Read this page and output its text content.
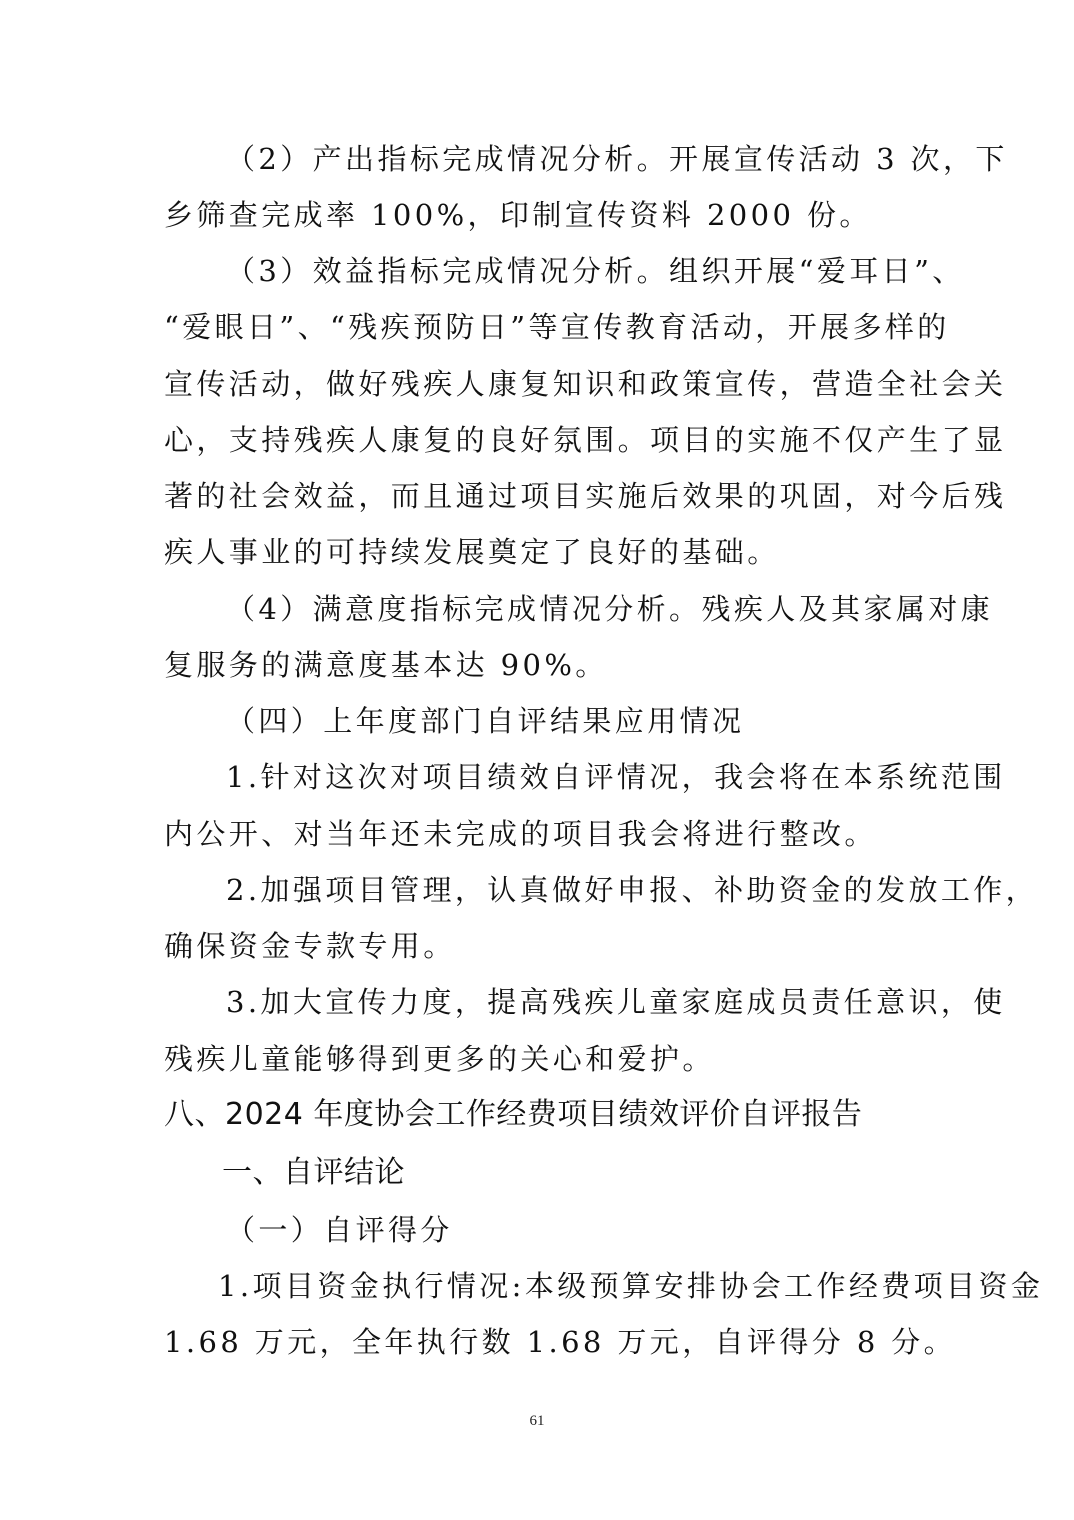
（2）产出指标完成情况分析。开展宣传活动 3 次，下
乡筛查完成率 100%，印制宣传资料 2000 份。
（3）效益指标完成情况分析。组织开展“爱耳日”、
“爱眼日”、“残疾预防日”等宣传教育活动，开展多样的
宣传活动，做好残疾人康复知识和政策宣传，营造全社会关
心，支持残疾人康复的良好氛围。项目的实施不仅产生了显
著的社会效益，而且通过项目实施后效果的巩固，对今后残
疾人事业的可持续发展奠定了良好的基础。
（4）满意度指标完成情况分析。残疾人及其家属对康
复服务的满意度基本达 90%。
（四）上年度部门自评结果应用情况
1.针对这次对项目绩效自评情况，我会将在本系统范围
内公开、对当年还未完成的项目我会将进行整改。
2.加强项目管理，认真做好申报、补助资金的发放工作，
确保资金专款专用。
3.加大宣传力度，提高残疾儿童家庭成员责任意识，使
残疾儿童能够得到更多的关心和爱护。
八、2024 年度协会工作经费项目绩效评价自评报告
一、自评结论
（一）自评得分
1.项目资金执行情况:本级预算安排协会工作经费项目资金
1.68 万元，全年执行数 1.68 万元，自评得分 8 分。
61
